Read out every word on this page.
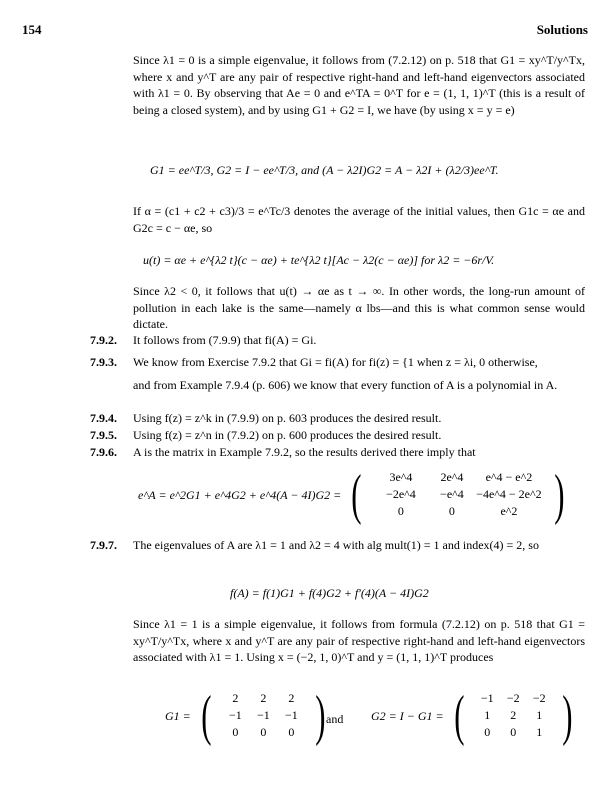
154	Solutions
Since λ1 = 0 is a simple eigenvalue, it follows from (7.2.12) on p. 518 that G1 = xy^T/y^Tx, where x and y^T are any pair of respective right-hand and left-hand eigenvectors associated with λ1 = 0. By observing that Ae = 0 and e^TA = 0^T for e = (1, 1, 1)^T (this is a result of being a closed system), and by using G1 + G2 = I, we have (by using x = y = e)
G1 = ee^T/3, G2 = I − ee^T/3, and (A − λ2I)G2 = A − λ2I + (λ2/3)ee^T.
If α = (c1 + c2 + c3)/3 = e^Tc/3 denotes the average of the initial values, then G1c = αe and G2c = c − αe, so
u(t) = αe + e^{λ2 t}(c − αe) + te^{λ2 t}[Ac − λ2(c − αe)] for λ2 = −6r/V.
Since λ2 < 0, it follows that u(t) → αe as t → ∞. In other words, the long-run amount of pollution in each lake is the same—namely α lbs—and this is what common sense would dictate.
7.9.2. It follows from (7.9.9) that fi(A) = Gi.
7.9.3. We know from Exercise 7.9.2 that Gi = fi(A) for fi(z) = {1 when z = λi, 0 otherwise,
and from Example 7.9.4 (p. 606) we know that every function of A is a polynomial in A.
7.9.4. Using f(z) = z^k in (7.9.9) on p. 603 produces the desired result.
7.9.5. Using f(z) = z^n in (7.9.2) on p. 600 produces the desired result.
7.9.6. A is the matrix in Example 7.9.2, so the results derived there imply that
e^A = e^2G1 + e^4G2 + e^4(A − 4I)G2 = (	3e^4	2e^4	e^4 − e^2
−2e^4	−e^4	−4e^4 − 2e^2
0	0	e^2 )
7.9.7. The eigenvalues of A are λ1 = 1 and λ2 = 4 with alg mult(1) = 1 and index(4) = 2, so
f(A) = f(1)G1 + f(4)G2 + f′(4)(A − 4I)G2
Since λ1 = 1 is a simple eigenvalue, it follows from formula (7.2.12) on p. 518 that G1 = xy^T/y^Tx, where x and y^T are any pair of respective right-hand and left-hand eigenvectors associated with λ1 = 1. Using x = (−2, 1, 0)^T and y = (1, 1, 1)^T produces
G1 = (	2	2	2
−1	−1	−1
0	0	0 ) and G2 = I − G1 = (	−1	−2	−2
1	2	1
0	0	1 )
